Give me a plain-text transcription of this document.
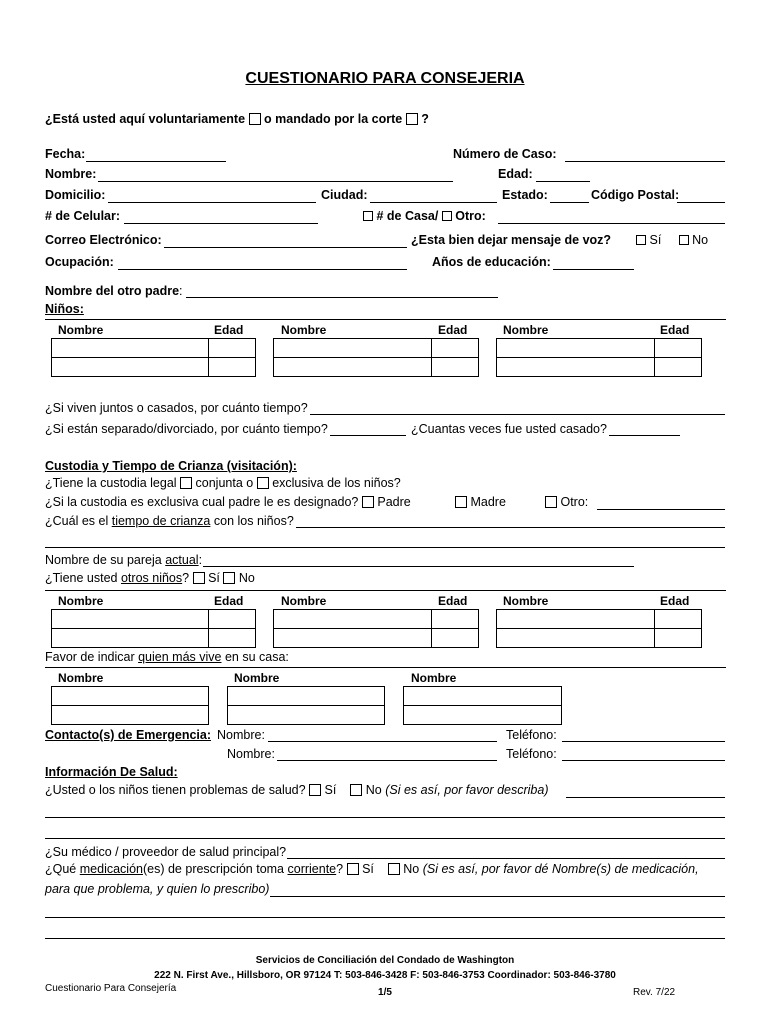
CUESTIONARIO PARA CONSEJERIA
¿Está usted aquí voluntariamente o mandado por la corte ?
Fecha:	Número de Caso:
Nombre:	Edad:
Domicilio:	Ciudad:	Estado:	Código Postal:
# de Celular:	# de Casa/ Otro:
Correo Electrónico:	¿Esta bien dejar mensaje de voz?	Sí No
Ocupación:	Años de educación:
Nombre del otro padre:
Niños:
Nombre	Edad	Nombre	Edad	Nombre	Edad

¿Si viven juntos o casados, por cuánto tiempo?
¿Si están separado/divorciado, por cuánto tiempo?	¿Cuantas veces fue usted casado?
Custodia y Tiempo de Crianza (visitación):
¿Tiene la custodia legal conjunta o exclusiva de los niños?
¿Si la custodia es exclusiva cual padre le es designado? Padre	Madre	Otro:
¿Cuál es el tiempo de crianza con los niños?
Nombre de su pareja actual:
¿Tiene usted otros niños? Sí No
Nombre	Edad	Nombre	Edad	Nombre	Edad

Favor de indicar quien más vive en su casa:
Nombre	Nombre	Nombre

Contacto(s) de Emergencia: Nombre:	Teléfono:
Nombre:	Teléfono:
Información De Salud:
¿Usted o los niños tienen problemas de salud? Sí No (Si es así, por favor describa)
¿Su médico / proveedor de salud principal?
¿Qué medicación(es) de prescripción toma corriente? Sí No (Si es así, por favor dé Nombre(s) de medicación,
para que problema, y quien lo prescribo)
Servicios de Conciliación del Condado de Washington
222 N. First Ave., Hillsboro, OR 97124 T: 503-846-3428 F: 503-846-3753 Coordinador: 503-846-3780
Cuestionario Para Consejería	1/5	Rev. 7/22
